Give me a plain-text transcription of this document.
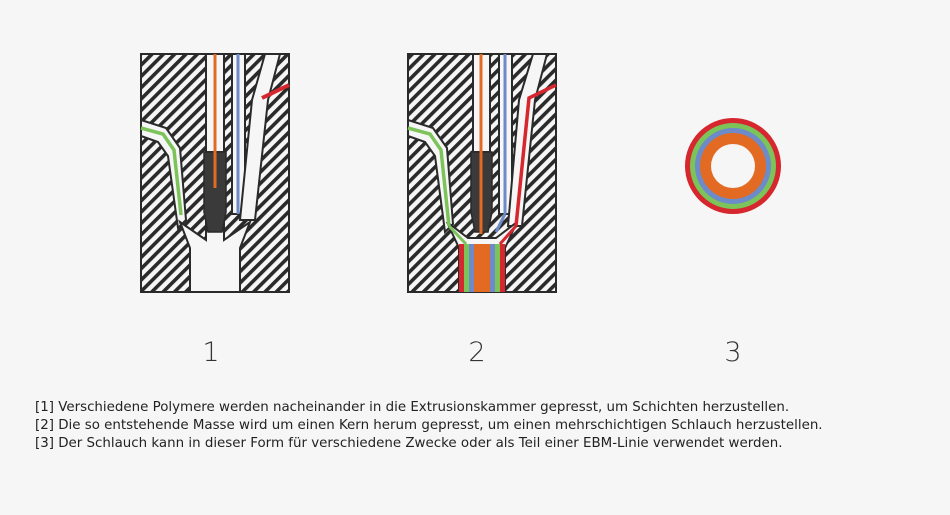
1	2	3
[1] Verschiedene Polymere werden nacheinander in die Extrusionskammer gepresst, um Schichten herzustellen.
[2] Die so entstehende Masse wird um einen Kern herum gepresst, um einen mehrschichtigen Schlauch herzustellen.
[3] Der Schlauch kann in dieser Form für verschiedene Zwecke oder als Teil einer EBM-Linie verwendet werden.
